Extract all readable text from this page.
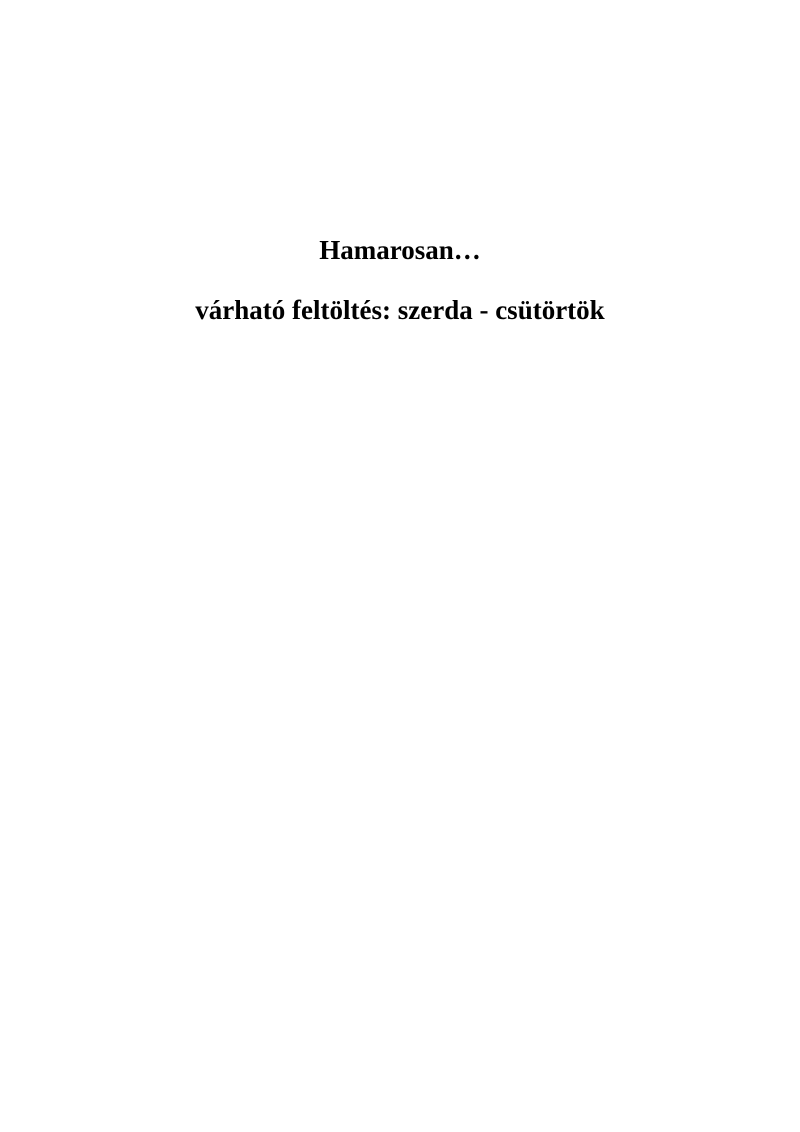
Hamarosan…

várható feltöltés: szerda - csütörtök
